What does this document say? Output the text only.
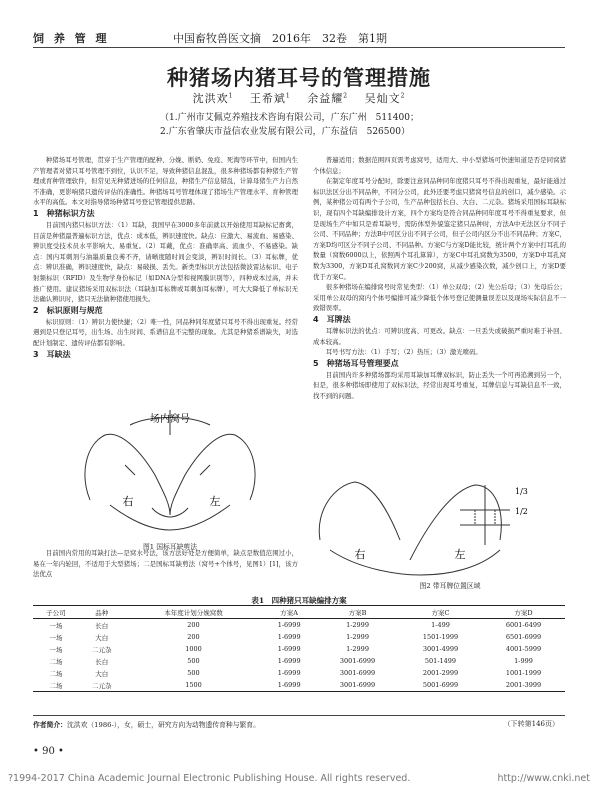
饲 养 管 理	中国畜牧兽医文摘　2016年　32卷　第1期
种猪场内猪耳号的管理措施
沈洪欢$^1$ 王希斌$^1$ 余益耀$^2$ 吴灿文$^2$
（1.广州市艾佩克养殖技术咨询有限公司，广东广州　511400；
2.广东省肇庆市益信农业发展有限公司，广东益信　526500）

种猪场耳号管理，贯穿于生产管理的配种、分娩、断奶、免疫、死淘等环节中，但国内生产管理者对猪只耳号管理不到位，认识不足，导致种猪信息混乱，很多种猪场都有种猪生产管理或育种管理软件，但常见无种猪进场的任何信息，种猪生产信息错乱，计算母猪生产力自然不准确，更影响猪只遗传评估的准确性。种猪场耳号管理体现了猪场生产管理水平、育种管理水平的高低。本文对指导猪场种猪耳号登记管理提供思路。

1　种猪标识方法

目前国内猪只标识方法：（1）耳缺，我国早在3000多年前就以开始使用耳缺标记畜禽，目前是种猪最普遍标识方法，优点：成本低，辨识速度快。缺点：应激大、易流血、易感染、辨识度受技术员水平影响大、易重复。（2）耳戴，优点：准确率高、流血少、不易感染。缺点：国内耳刺剂与油墨质量良莠不齐，请晰度随时间会变淡，辨识时间长。（3）耳标牌，优点：辨识准确，辨识速度快，缺点：易破损、丢失。新类型标识方法包括微波雷达标识、电子射频标识（RFID）及生物学身份标记（如DNA分型和视网膜识别等），四种成本过高，并未推广使用。建议猪场采用双标识法（耳缺加耳标牌或耳刺加耳标牌），可大大降低了单标识无法确认辨识时，猪只无法做种猪使用损失。

2　标识原则与规范

标识原则：（1）辨识力使快捷；（2）唯一性，同品种同年度猪只耳号不得出现重复。经常遇到是只登记耳号，出生场、出生时间、系谱信息不完整的现象。尤其是种猪系谱缺失，对选配计划制定、遗传评估都有影响。

3　耳缺法
场内窝号
右	左
图1 国标耳缺剪法

目前国内常用的耳缺打法—是窝水号法，该方法好处是方便简单，缺点是数值范围过小，易在一年内轮回，不适用于大型猪场；二是国标耳缺剪法（窝号+个体号，见图1）[1]，该方法优点

普遍适用；数据范围四页需考虑窝号，适用大、中小型猪场可快速知道是否是同窝猪个体信息；

在制定年度耳号分配时，除要注意同品种同年度猪只耳号不得出现重复，最好能通过标识法区分出不同品种，不同分公司，此外还要考虑只猪窝号信息的创口，减少感染。示例，某种猪公司有两个子公司，生产品种包括长白、大白、二元杂。猪场采用国标耳缺标识，现有四个耳缺编排设计方案，四个方案均是符合同品种同年度耳号不得重复要求，但是现场生产中如只是看耳缺号，需防体型外貌鉴定猪只品种时，方法A中无法区分不同子公司、不同品种；方法B中可区分出不同子公司，但子公司内区分不出不同品种；方案C，方案D均可区分不同子公司、不同品种。方案C与方案D能比较，统计两个方案中打耳孔的数量（窝数6000以上，依照两个耳孔算算），方案C中耳孔窝数为3500，方案D中耳孔窝数为3300，方案D耳孔窝数同方案C少200窝，从减少感染次数，减少创口上，方案D要优于方案C。

很多种猪场在编排窝号时常见类型：（1）单公双母；（2）先公后母；（3）先母后公；采用单公双母的窝内个体号编排可减少降低个体号登记使测量误差以及现场实际信息不一致错误率。

4　耳牌法

耳牌标识法的优点：可辨识度高、可更改。缺点：一旦丢失或破损严重时难于补回、成本较高。

耳号书写方法：（1）手写；（2）热压；（3）激光喷码。

5　种猪场耳号管理要点

目前国内许多种猪场都均采用耳缺加耳牌双标识，防止丢失一个可再追溯到另一个，但是，很多种猪场即使用了双标识法，经常出现耳号重复，耳牌信息与耳缺信息不一致，找不到的问题。

右	左
1/3
1/2
图2 带耳牌位置区域
表1　四种猪只耳缺编排方案
子公司	品种	本年度计划分娩窝数	方案A	方案B	方案C	方案D
一场	长白	200	1-6999	1-2999	1-499	6001-6499
一场	大白	200	1-6999	1-2999	1501-1999	6501-6999
一场	二元杂	1000	1-6999	1-2999	3001-4999	4001-5999
二场	长白	500	1-6999	3001-6999	501-1499	1-999
二场	大白	500	1-6999	3001-6999	2001-2999	1001-1999
二场	二元杂	1500	1-6999	3001-6999	5001-6999	2001-3999
作者简介：沈洪欢（1986-），女，硕士，研究方向为动物遗传育种与繁育。	（下转第146页）
• 90 •
?1994-2017 China Academic Journal Electronic Publishing House. All rights reserved.	http://www.cnki.net
